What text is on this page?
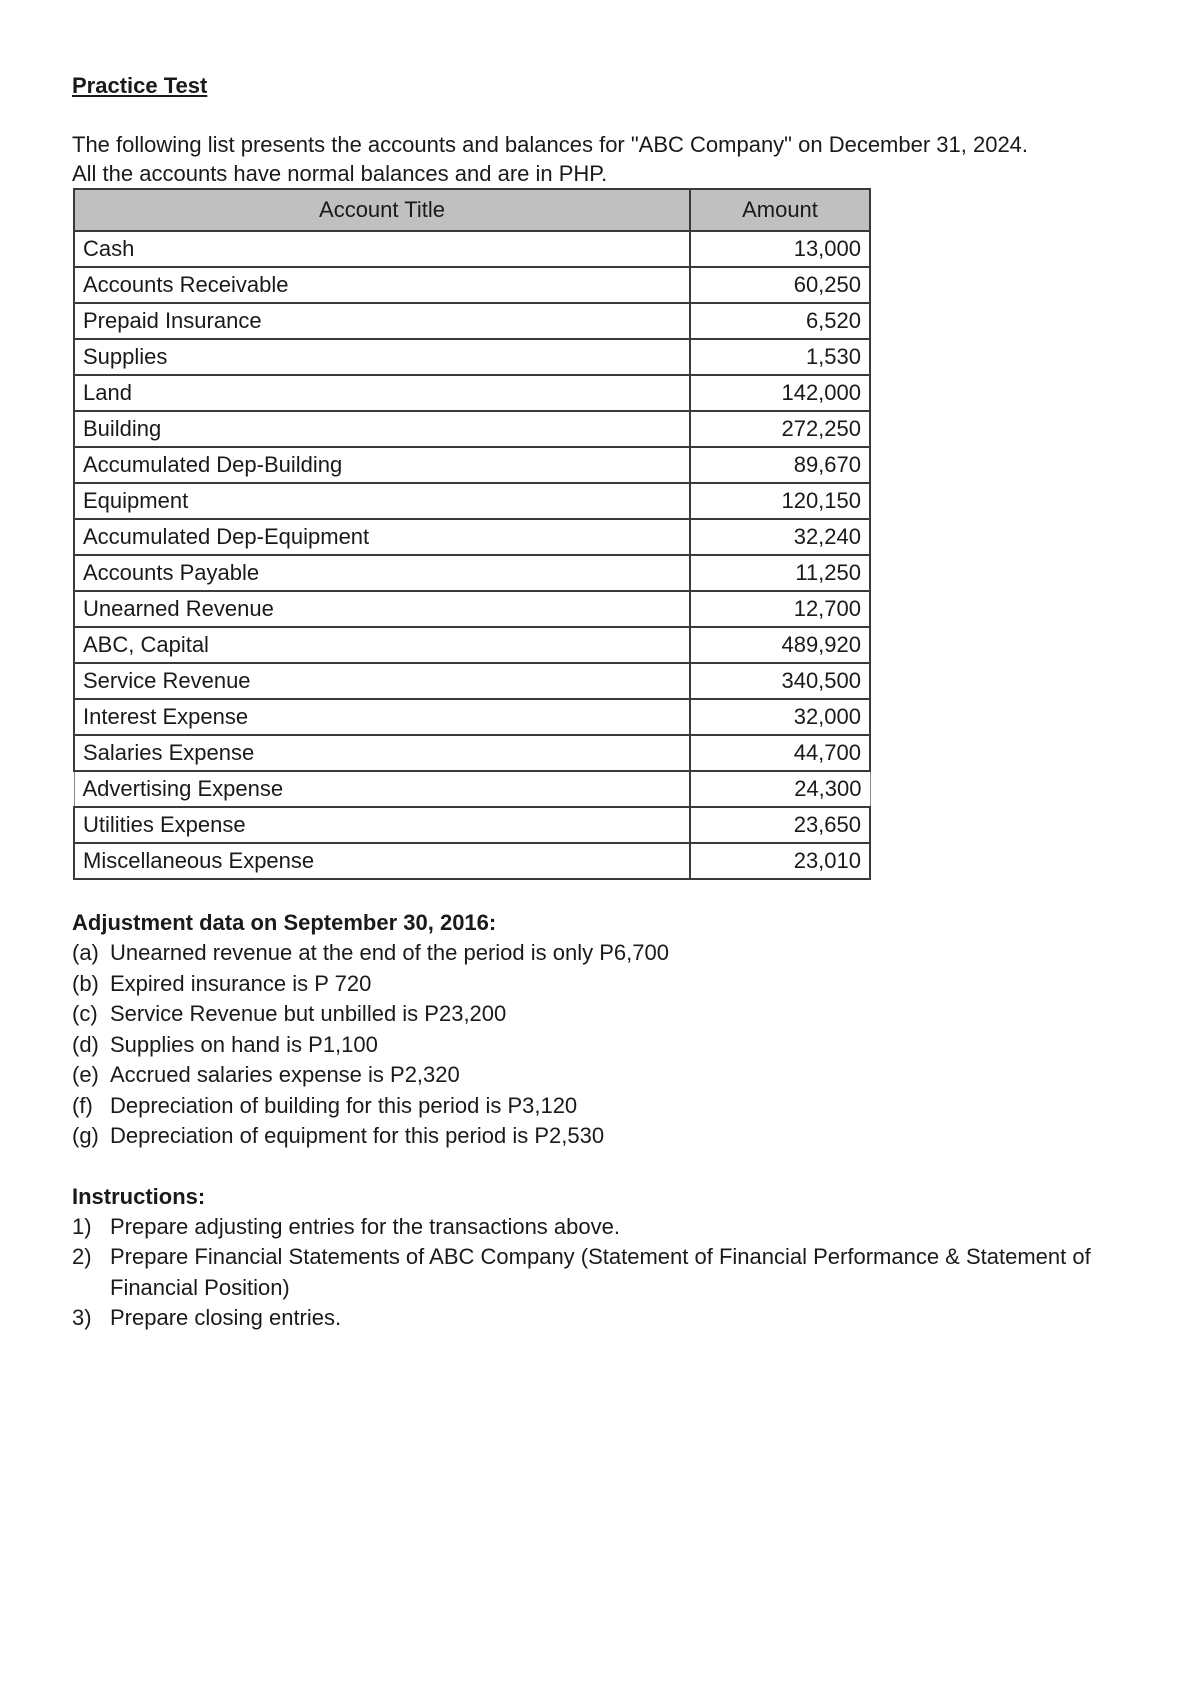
Practice Test

The following list presents the accounts and balances for "ABC Company" on December 31, 2024.

All the accounts have normal balances and are in PHP.

Account Title	Amount
Cash	13,000
Accounts Receivable	60,250
Prepaid Insurance	6,520
Supplies	1,530
Land	142,000
Building	272,250
Accumulated Dep-Building	89,670
Equipment	120,150
Accumulated Dep-Equipment	32,240
Accounts Payable	11,250
Unearned Revenue	12,700
ABC, Capital	489,920
Service Revenue	340,500
Interest Expense	32,000
Salaries Expense	44,700
Advertising Expense	24,300
Utilities Expense	23,650
Miscellaneous Expense	23,010

Adjustment data on September 30, 2016:

(a) Unearned revenue at the end of the period is only P6,700
(b) Expired insurance is P 720
(c) Service Revenue but unbilled is P23,200
(d) Supplies on hand is P1,100
(e) Accrued salaries expense is P2,320
(f) Depreciation of building for this period is P3,120
(g) Depreciation of equipment for this period is P2,530

Instructions:

1) Prepare adjusting entries for the transactions above.
2) Prepare Financial Statements of ABC Company (Statement of Financial Performance & Statement of Financial Position)
3) Prepare closing entries.
